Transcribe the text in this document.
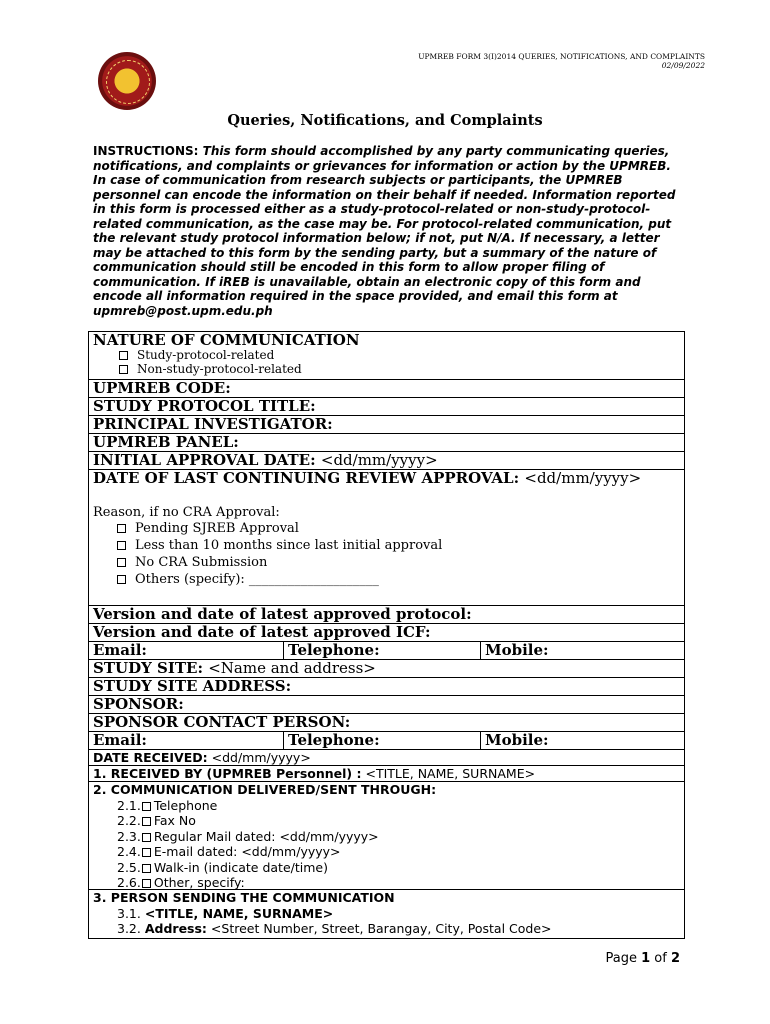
UPMREB FORM 3(I)2014 QUERIES, NOTIFICATIONS, AND COMPLAINTS
02/09/2022
Queries, Notifications, and Complaints
INSTRUCTIONS: This form should accomplished by any party communicating queries, notifications, and complaints or grievances for information or action by the UPMREB. In case of communication from research subjects or participants, the UPMREB personnel can encode the information on their behalf if needed. Information reported in this form is processed either as a study-protocol-related or non-study-protocol-related communication, as the case may be. For protocol-related communication, put the relevant study protocol information below; if not, put N/A. If necessary, a letter may be attached to this form by the sending party, but a summary of the nature of communication should still be encoded in this form to allow proper filing of communication. If iREB is unavailable, obtain an electronic copy of this form and encode all information required in the space provided, and email this form at upmreb@post.upm.edu.ph
NATURE OF COMMUNICATION
Study-protocol-related
Non-study-protocol-related
UPMREB CODE:
STUDY PROTOCOL TITLE:
PRINCIPAL INVESTIGATOR:
UPMREB PANEL:
INITIAL APPROVAL DATE: <dd/mm/yyyy>
DATE OF LAST CONTINUING REVIEW APPROVAL: <dd/mm/yyyy>
Reason, if no CRA Approval:
Pending SJREB Approval
Less than 10 months since last initial approval
No CRA Submission
Others (specify): ____________________
Version and date of latest approved protocol:
Version and date of latest approved ICF:
Email:	Telephone:	Mobile:
STUDY SITE: <Name and address>
STUDY SITE ADDRESS:
SPONSOR:
SPONSOR CONTACT PERSON:
Email:	Telephone:	Mobile:
DATE RECEIVED: <dd/mm/yyyy>
1. RECEIVED BY (UPMREB Personnel) : <TITLE, NAME, SURNAME>
2. COMMUNICATION DELIVERED/SENT THROUGH:
2.1. Telephone
2.2. Fax No
2.3. Regular Mail dated: <dd/mm/yyyy>
2.4. E-mail dated: <dd/mm/yyyy>
2.5. Walk-in (indicate date/time)
2.6. Other, specify:
3. PERSON SENDING THE COMMUNICATION
3.1. <TITLE, NAME, SURNAME>
3.2. Address: <Street Number, Street, Barangay, City, Postal Code>
Page 1 of 2
